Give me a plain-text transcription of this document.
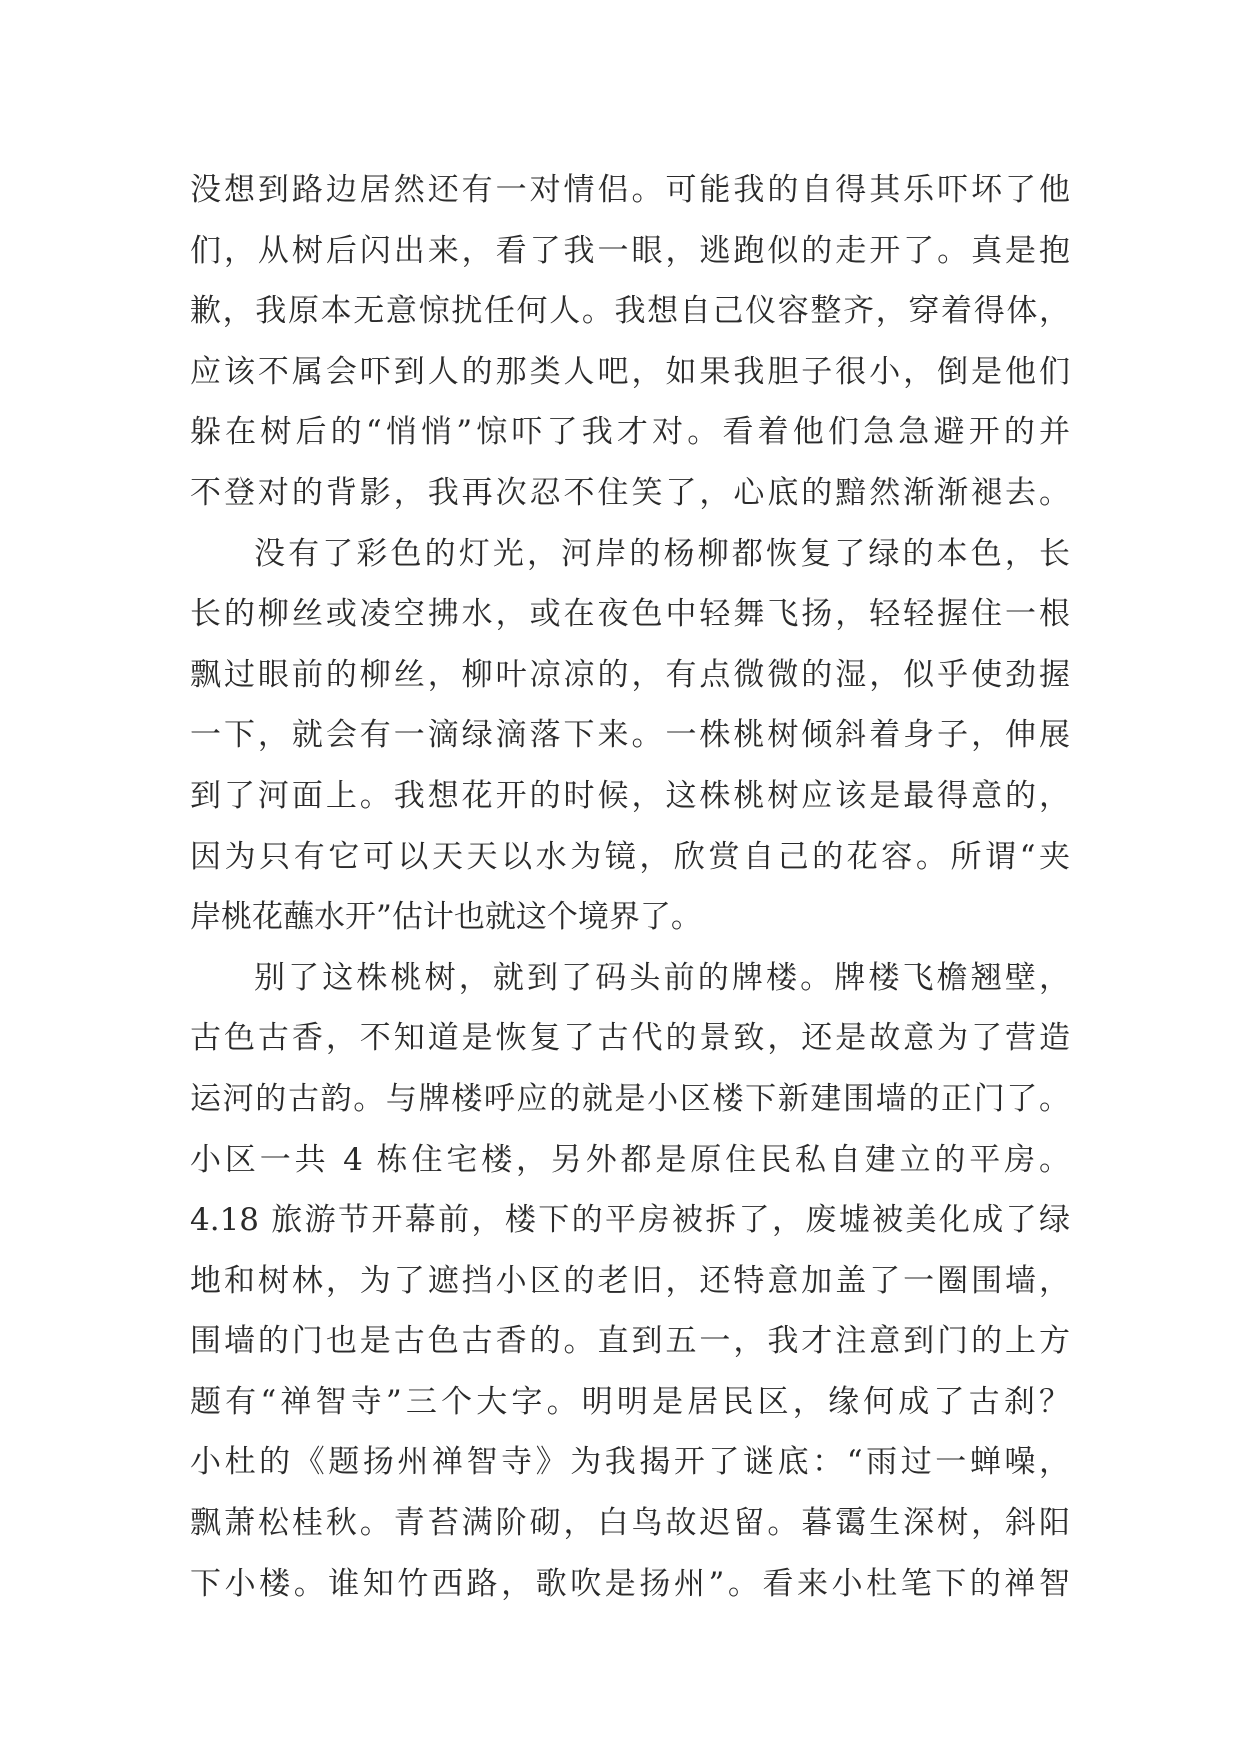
没想到路边居然还有一对情侣。可能我的自得其乐吓坏了他
们，从树后闪出来，看了我一眼，逃跑似的走开了。真是抱
歉，我原本无意惊扰任何人。我想自己仪容整齐，穿着得体，
应该不属会吓到人的那类人吧，如果我胆子很小，倒是他们
躲在树后的“悄悄”惊吓了我才对。看着他们急急避开的并
不登对的背影，我再次忍不住笑了，心底的黯然渐渐褪去。
没有了彩色的灯光，河岸的杨柳都恢复了绿的本色，长
长的柳丝或凌空拂水，或在夜色中轻舞飞扬，轻轻握住一根
飘过眼前的柳丝，柳叶凉凉的，有点微微的湿，似乎使劲握
一下，就会有一滴绿滴落下来。一株桃树倾斜着身子，伸展
到了河面上。我想花开的时候，这株桃树应该是最得意的，
因为只有它可以天天以水为镜，欣赏自己的花容。所谓“夹
岸桃花蘸水开”估计也就这个境界了。
别了这株桃树，就到了码头前的牌楼。牌楼飞檐翘壁，
古色古香，不知道是恢复了古代的景致，还是故意为了营造
运河的古韵。与牌楼呼应的就是小区楼下新建围墙的正门了。
小区一共 4 栋住宅楼，另外都是原住民私自建立的平房。
4.18 旅游节开幕前，楼下的平房被拆了，废墟被美化成了绿
地和树林，为了遮挡小区的老旧，还特意加盖了一圈围墙，
围墙的门也是古色古香的。直到五一，我才注意到门的上方
题有“禅智寺”三个大字。明明是居民区，缘何成了古刹？
小杜的《题扬州禅智寺》为我揭开了谜底：“雨过一蝉噪，
飘萧松桂秋。青苔满阶砌，白鸟故迟留。暮霭生深树，斜阳
下小楼。谁知竹西路，歌吹是扬州”。看来小杜笔下的禅智
